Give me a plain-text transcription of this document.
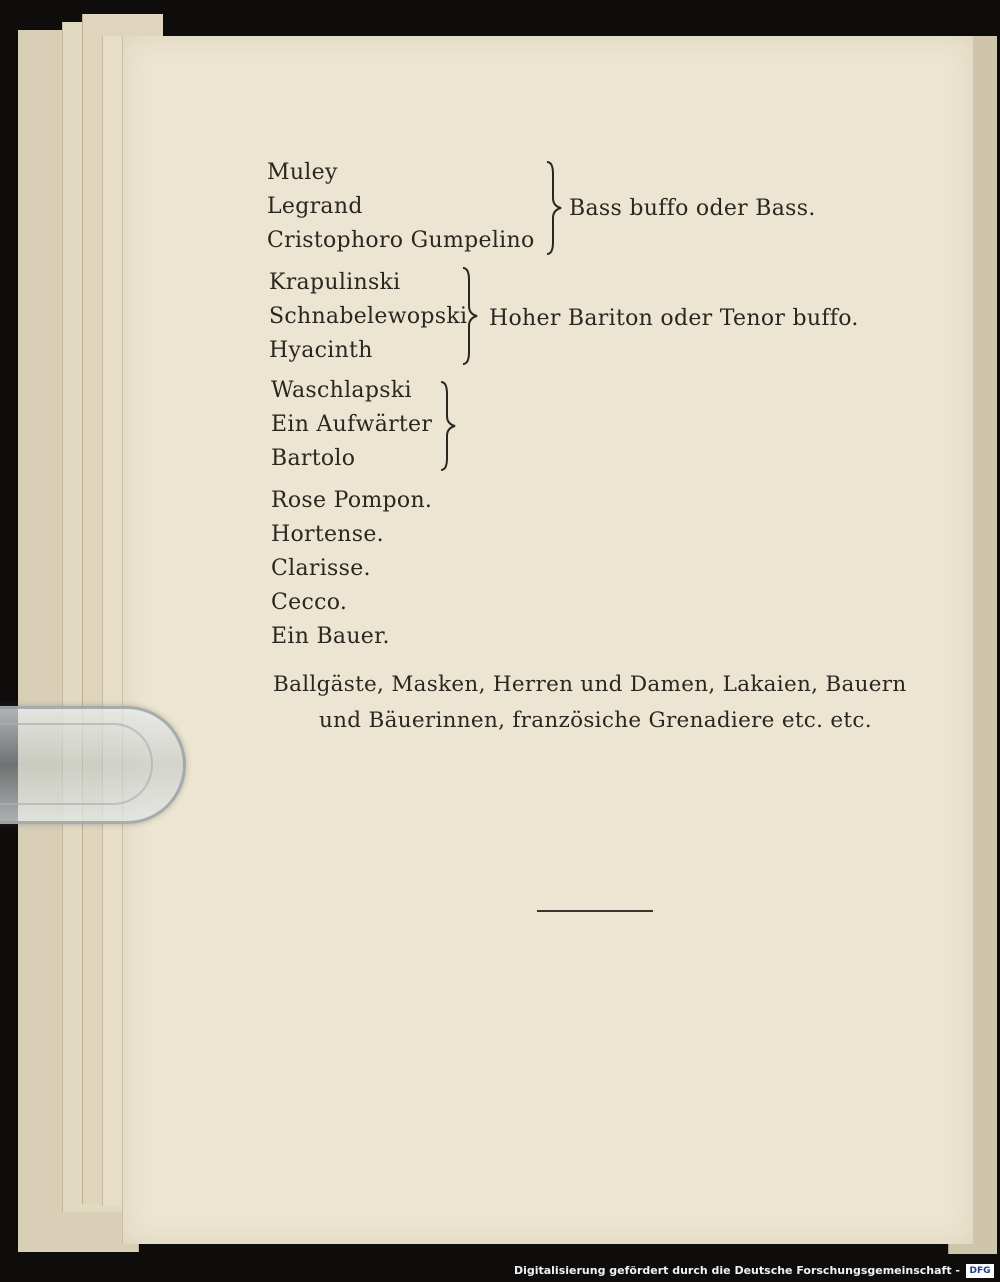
Muley
Legrand
Cristophoro Gumpelino
Bass buffo oder Bass.
Krapulinski
Schnabelewopski
Hyacinth
Hoher Bariton oder Tenor buffo.
Waschlapski
Ein Aufwärter
Bartolo
Rose Pompon.
Hortense.
Clarisse.
Cecco.
Ein Bauer.
Ballgäste, Masken, Herren und Damen, Lakaien, Bauern
und Bäuerinnen, französiche Grenadiere etc. etc.
Digitalisierung gefördert durch die Deutsche Forschungsgemeinschaft -	DFG
